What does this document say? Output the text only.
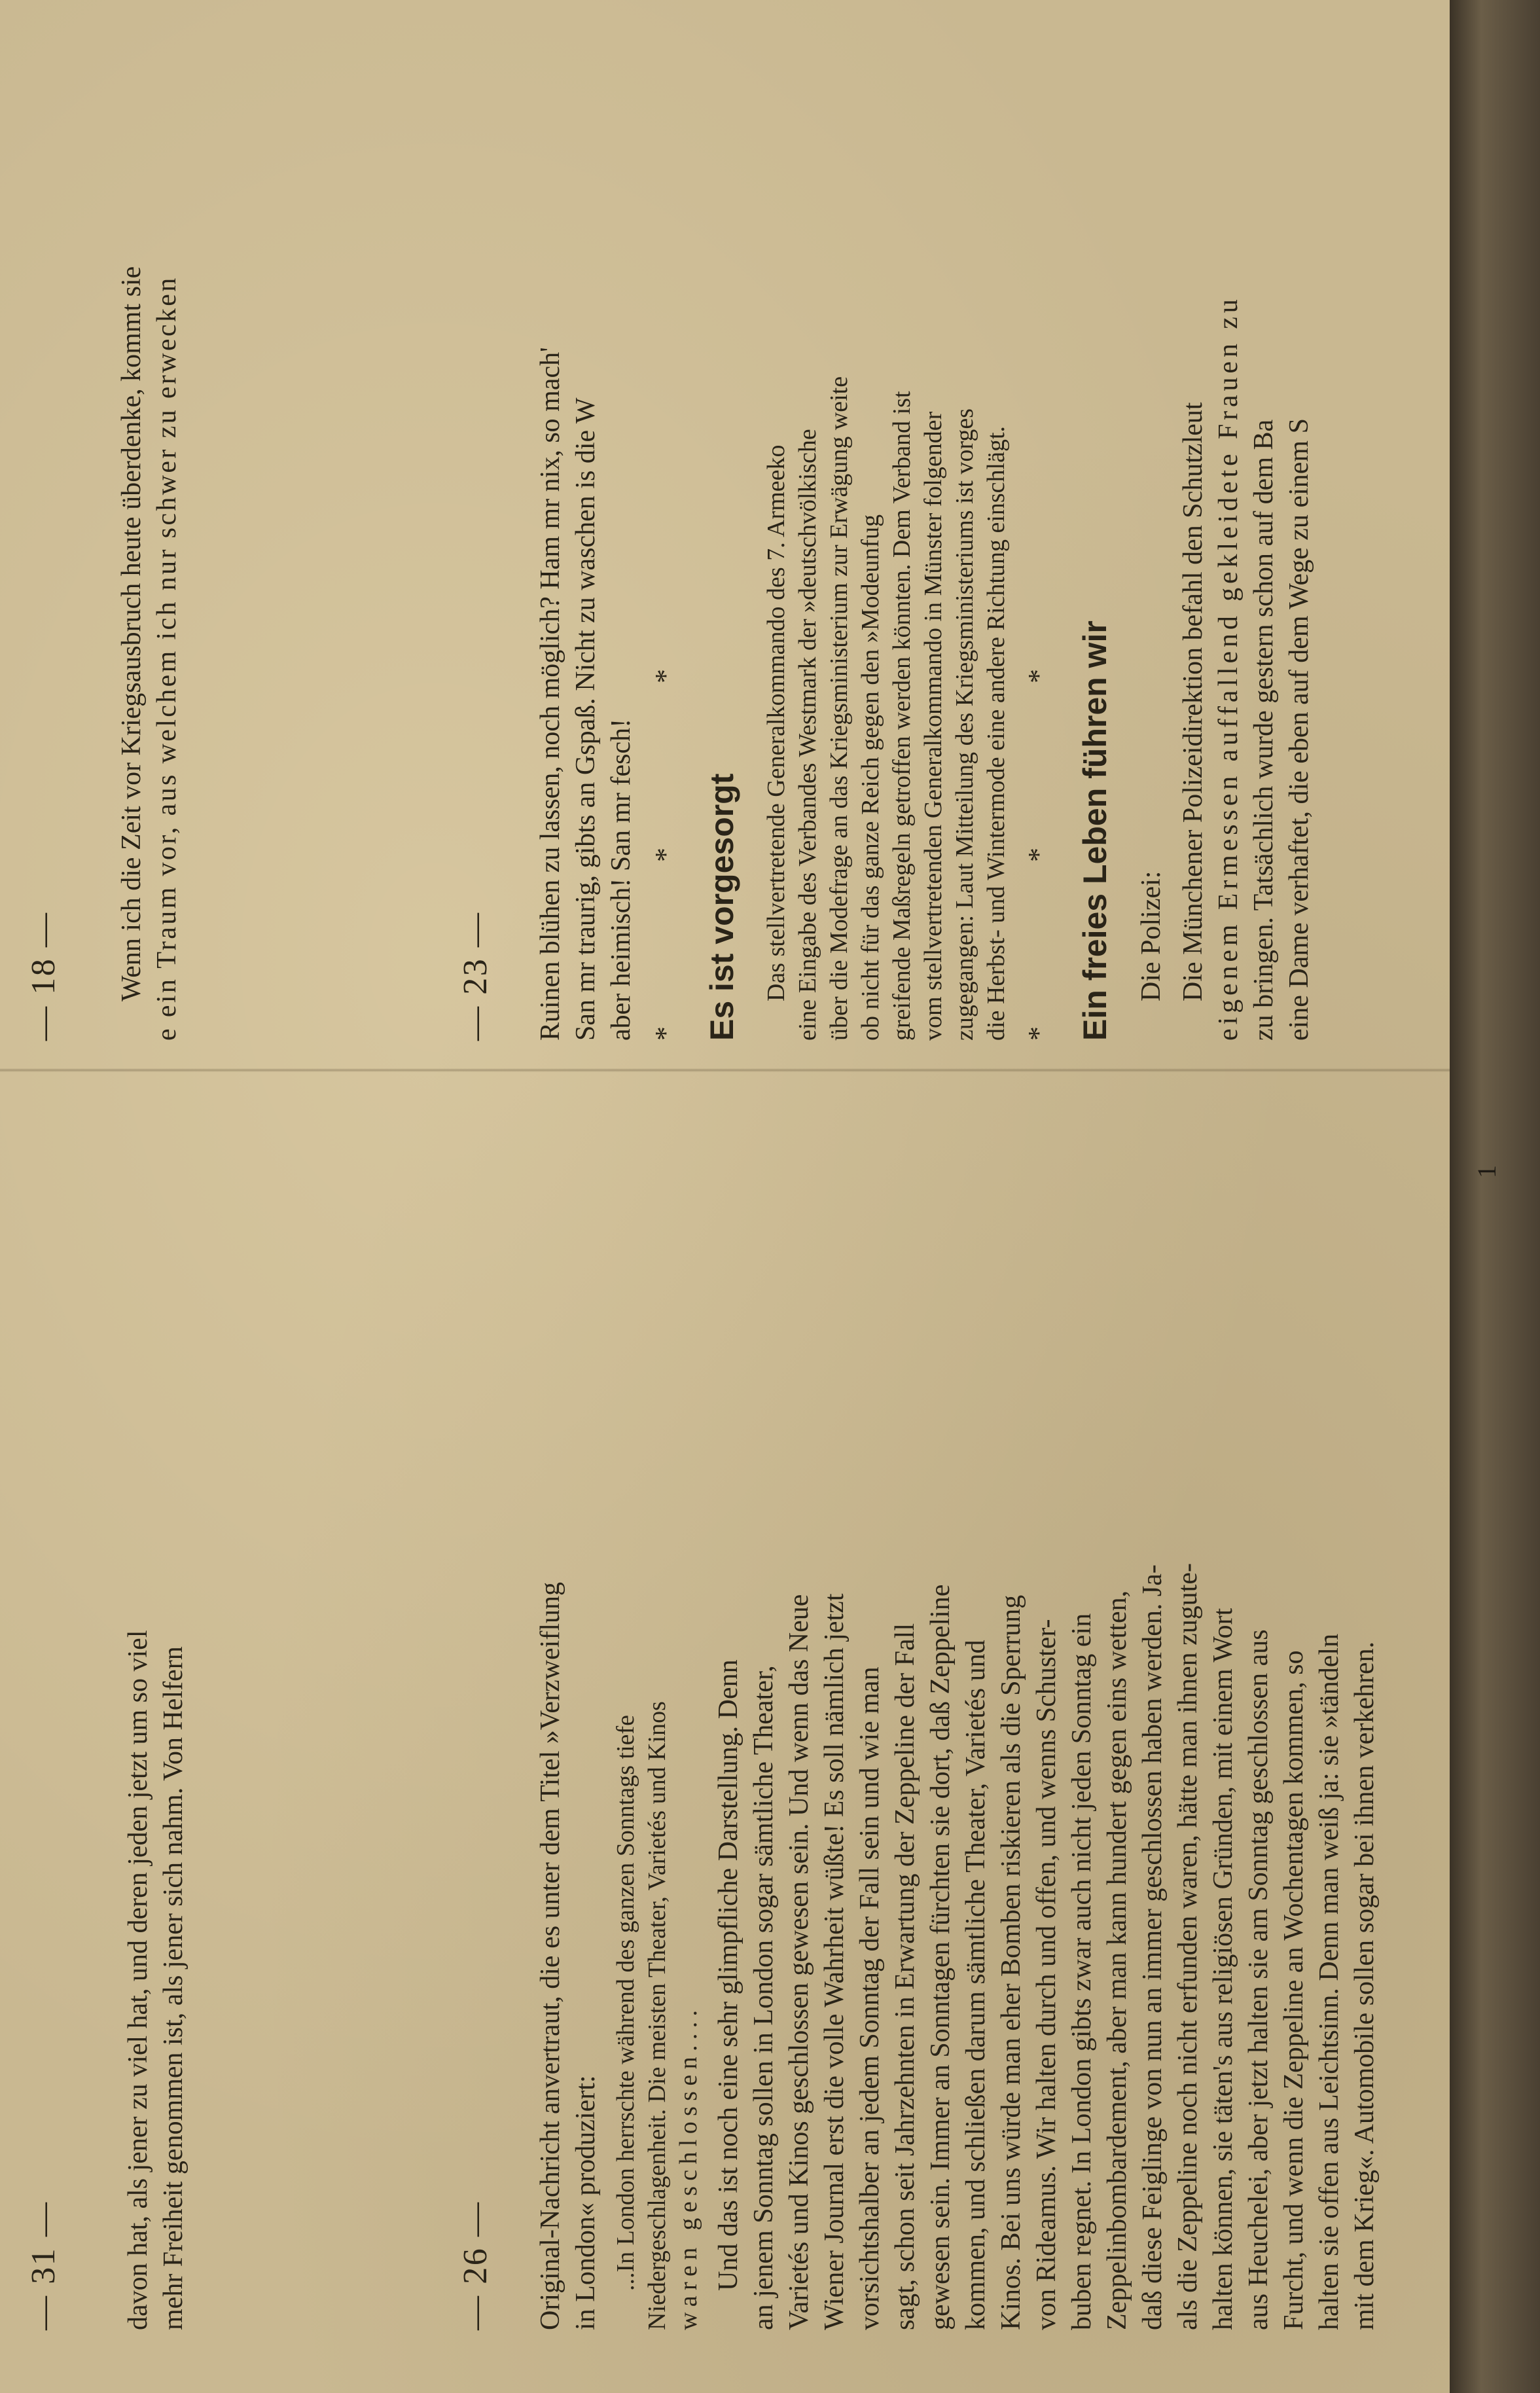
— 18 — Wenn ich die Zeit vor Kriegsausbruch heute überdenke, kommt sie e ein Traum vor, aus welchem ich nur schwer zu erwecken	— 23 — Ruinen blühen zu lassen, noch möglich? Ham mr nix, so mach' San mr traurig, gibts an Gspaß. Nicht zu waschen is die W aber heimisch! San mr fesch! * * * Es ist vorgesorgt Das stellvertretende Generalkommando des 7. Armeeko eine Eingabe des Verbandes Westmark der »deutschvölkische über die Modefrage an das Kriegsministerium zur Erwägung weite ob nicht für das ganze Reich gegen den »Modeunfug greifende Maßregeln getroffen werden könnten. Dem Verband ist vom stellvertretenden Generalkommando in Münster folgender zugegangen: Laut Mitteilung des Kriegsministeriums ist vorges die Herbst- und Wintermode eine andere Richtung einschlägt. * * * Ein freies Leben führen wir Die Polizei: Die Münchener Polizeidirektion befahl den Schutzleut eigenem Ermessen auffallend gekleidete Frauen zu zu bringen. Tatsächlich wurde gestern schon auf dem Ba eine Dame verhaftet, die eben auf dem Wege zu einem S

— 31 — davon hat, als jener zu viel hat, und deren jeden jetzt um so viel mehr Freiheit genommen ist, als jener sich nahm. Von Helfern	— 26 — Original-Nachricht anvertraut, die es unter dem Titel »Verzweiflung in London« produziert: ...In London herrschte während des ganzen Sonntags tiefe Niedergeschlagenheit. Die meisten Theater, Varietés und Kinos waren geschlossen.... Und das ist noch eine sehr glimpfliche Darstellung. Denn an jenem Sonntag sollen in London sogar sämtliche Theater, Varietés und Kinos geschlossen gewesen sein. Und wenn das Neue Wiener Journal erst die volle Wahrheit wüßte! Es soll nämlich jetzt vorsichtshalber an jedem Sonntag der Fall sein und wie man sagt, schon seit Jahrzehnten in Erwartung der Zeppeline der Fall gewesen sein. Immer an Sonntagen fürchten sie dort, daß Zeppeline kommen, und schließen darum sämtliche Theater, Varietés und Kinos. Bei uns würde man eher Bomben riskieren als die Sperrung von Rideamus. Wir halten durch und offen, und wenns Schuster- buben regnet. In London gibts zwar auch nicht jeden Sonntag ein Zeppelinbombardement, aber man kann hundert gegen eins wetten, daß diese Feiglinge von nun an immer geschlossen haben werden. Ja- als die Zeppeline noch nicht erfunden waren, hätte man ihnen zugute- halten können, sie täten's aus religiösen Gründen, mit einem Wort aus Heuchelei, aber jetzt halten sie am Sonntag geschlossen aus Furcht, und wenn die Zeppeline an Wochentagen kommen, so halten sie offen aus Leichtsinn. Denn man weiß ja: sie »tändeln mit dem Krieg«. Automobile sollen sogar bei ihnen verkehren.

1
